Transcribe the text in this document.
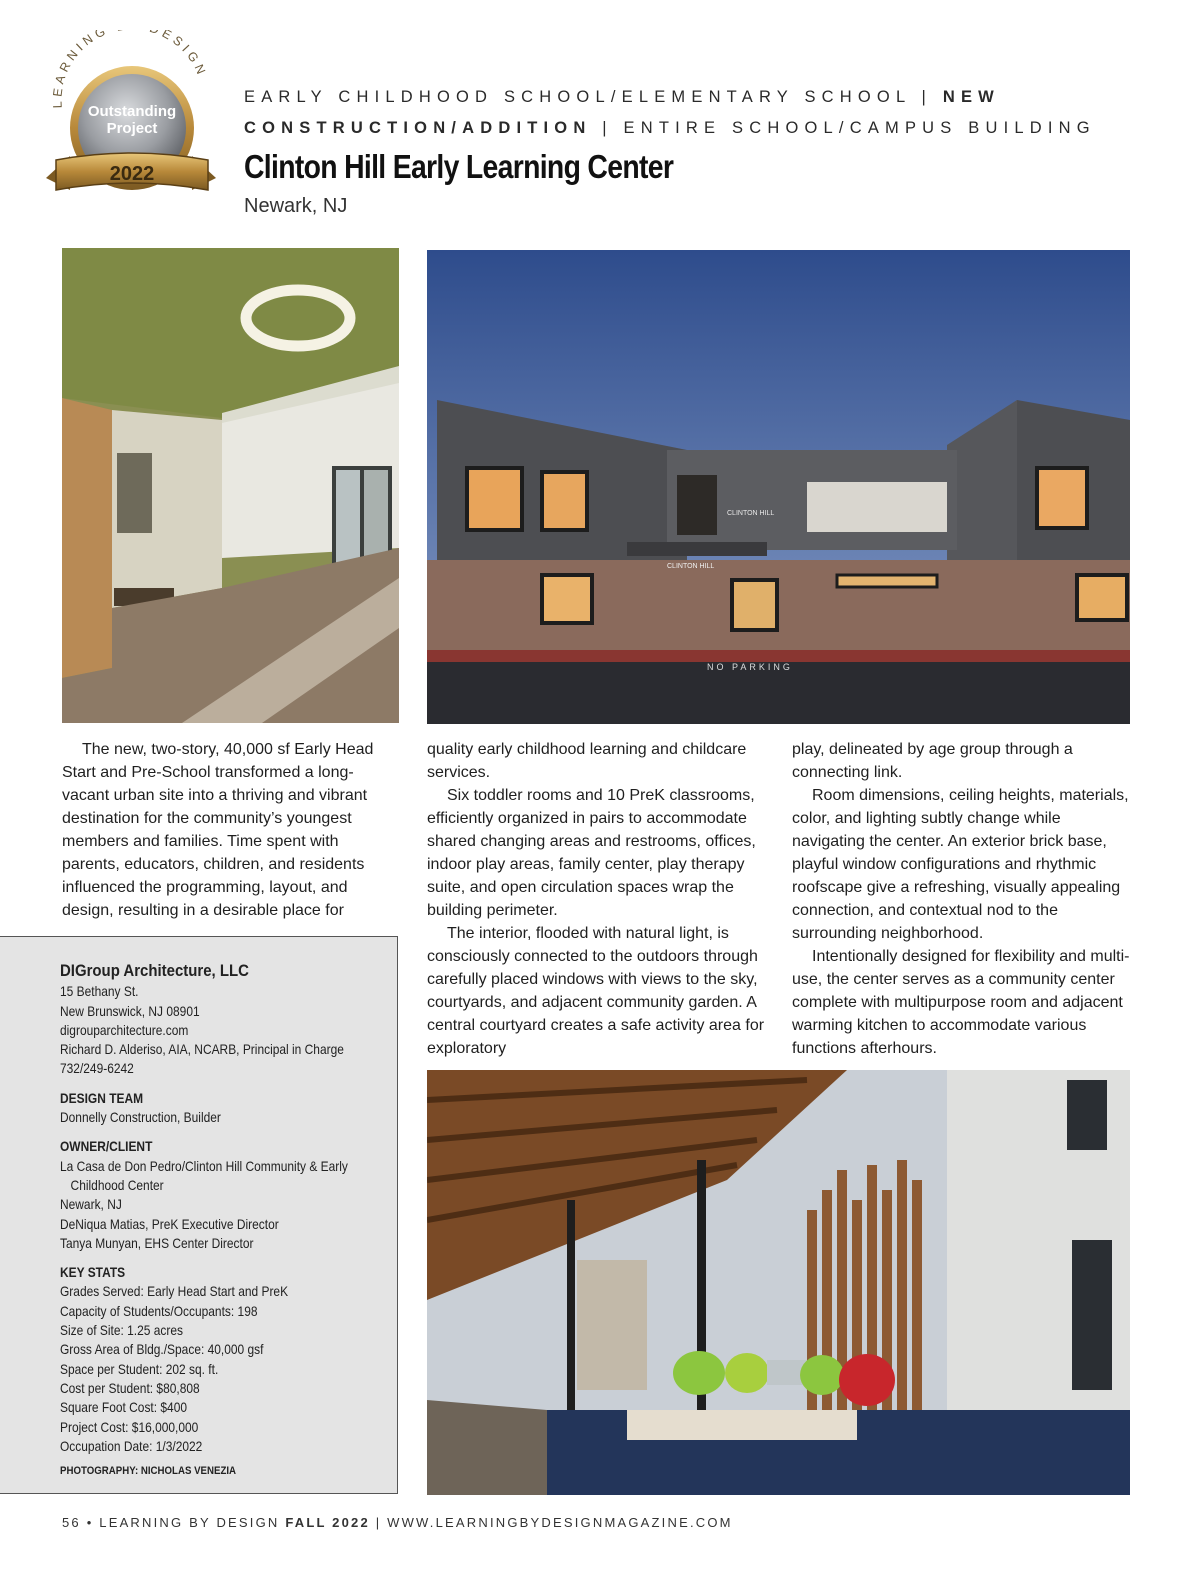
LEARNING ESIGN
Outstanding
Project
2022
EARLY CHILDHOOD SCHOOL/ELEMENTARY SCHOOL | NEW
CONSTRUCTION/ADDITION | ENTIRE SCHOOL/CAMPUS BUILDING
Clinton Hill Early Learning Center
Newark, NJ
CLINTON HILL
CLINTON HILL
NO PARKING

The new, two-story, 40,000 sf Early Head Start and Pre-School transformed a long-vacant urban site into a thriving and vibrant destination for the community’s youngest members and families. Time spent with parents, educators, children, and residents influenced the programming, layout, and design, resulting in a desirable place for

quality early childhood learning and childcare services.

Six toddler rooms and 10 PreK classrooms, efficiently organized in pairs to accommodate shared changing areas and restrooms, offices, indoor play areas, family center, play therapy suite, and open circulation spaces wrap the building perimeter.

The interior, flooded with natural light, is consciously connected to the outdoors through carefully placed windows with views to the sky, courtyards, and adjacent community garden. A central courtyard creates a safe activity area for exploratory

play, delineated by age group through a connecting link.

Room dimensions, ceiling heights, materials, color, and lighting subtly change while navigating the center. An exterior brick base, playful window configurations and rhythmic roofscape give a refreshing, visually appealing connection, and contextual nod to the surrounding neighborhood.

Intentionally designed for flexibility and multi-use, the center serves as a community center complete with multipurpose room and adjacent warming kitchen to accommodate various functions afterhours.

DIGroup Architecture, LLC
15 Bethany St.
New Brunswick, NJ 08901
digrouparchitecture.com
Richard D. Alderiso, AIA, NCARB, Principal in Charge
732/249-6242
DESIGN TEAM
Donnelly Construction, Builder
OWNER/CLIENT
La Casa de Don Pedro/Clinton Hill Community & Early
Childhood Center
Newark, NJ
DeNiqua Matias, PreK Executive Director
Tanya Munyan, EHS Center Director
KEY STATS
Grades Served: Early Head Start and PreK
Capacity of Students/Occupants: 198
Size of Site: 1.25 acres
Gross Area of Bldg./Space: 40,000 gsf
Space per Student: 202 sq. ft.
Cost per Student: $80,808
Square Foot Cost: $400
Project Cost: $16,000,000
Occupation Date: 1/3/2022
PHOTOGRAPHY: NICHOLAS VENEZIA
56 • LEARNING BY DESIGN FALL 2022 | WWW.LEARNINGBYDESIGNMAGAZINE.COM
